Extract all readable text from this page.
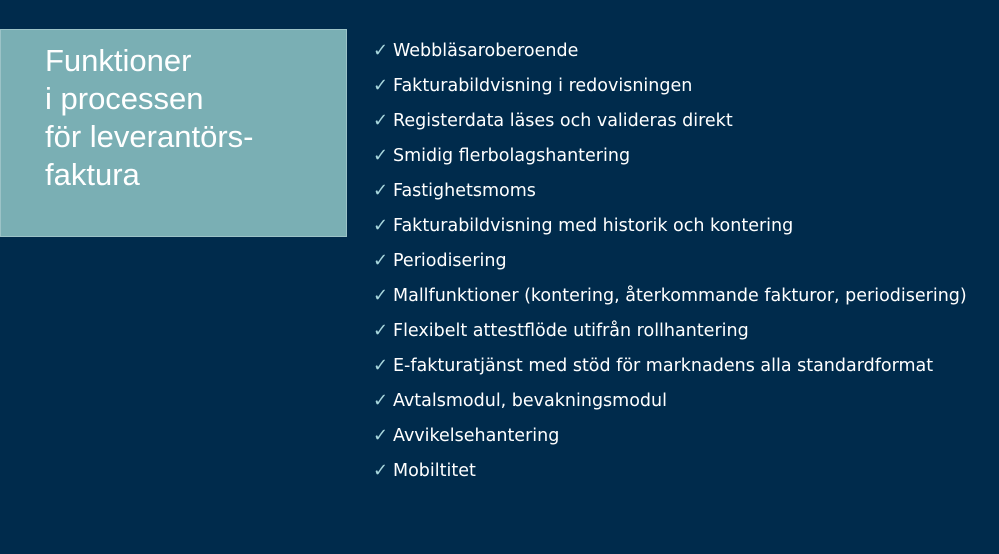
Funktioner
i processen
för leverantörs-
faktura
✓ Webbläsaroberoende
✓ Fakturabildvisning i redovisningen
✓ Registerdata läses och valideras direkt
✓ Smidig flerbolagshantering
✓ Fastighetsmoms
✓ Fakturabildvisning med historik och kontering
✓ Periodisering
✓ Mallfunktioner (kontering, återkommande fakturor, periodisering)
✓ Flexibelt attestflöde utifrån rollhantering
✓ E-fakturatjänst med stöd för marknadens alla standardformat
✓ Avtalsmodul, bevakningsmodul
✓ Avvikelsehantering
✓ Mobiltitet
